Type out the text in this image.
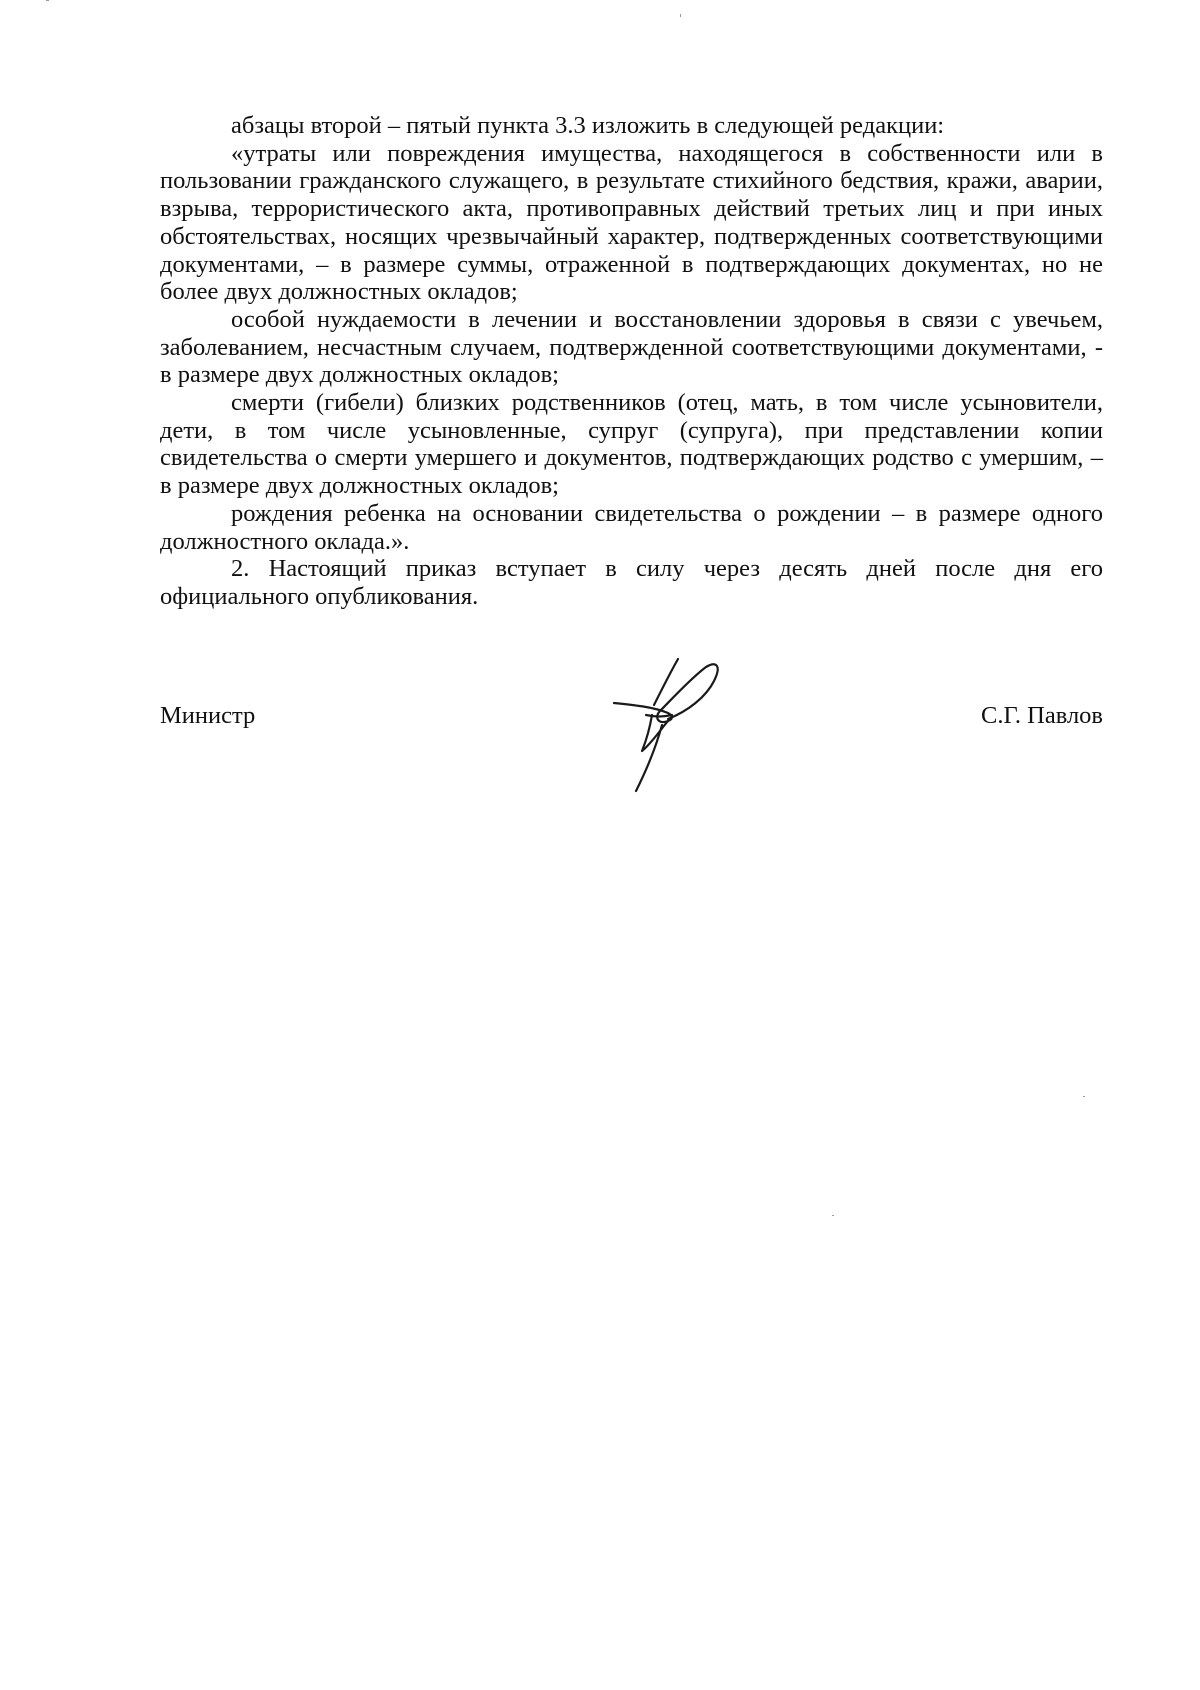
абзацы второй – пятый пункта 3.3 изложить в следующей редакции:

«утраты или повреждения имущества, находящегося в собственности или в пользовании гражданского служащего, в результате стихийного бедствия, кражи, аварии, взрыва, террористического акта, противоправных действий третьих лиц и при иных обстоятельствах, носящих чрезвычайный характер, подтвержденных соответствующими документами, – в размере суммы, отраженной в подтверждающих документах, но не более двух должностных окладов;

особой нуждаемости в лечении и восстановлении здоровья в связи с увечьем, заболеванием, несчастным случаем, подтвержденной соответствующими документами, - в размере двух должностных окладов;

смерти (гибели) близких родственников (отец, мать, в том числе усыновители, дети, в том числе усыновленные, супруг (супруга), при представлении копии свидетельства о смерти умершего и документов, подтверждающих родство с умершим, – в размере двух должностных окладов;

рождения ребенка на основании свидетельства о рождении – в размере одного должностного оклада.».

2. Настоящий приказ вступает в силу через десять дней после дня его официального опубликования.

Министр	С.Г. Павлов
